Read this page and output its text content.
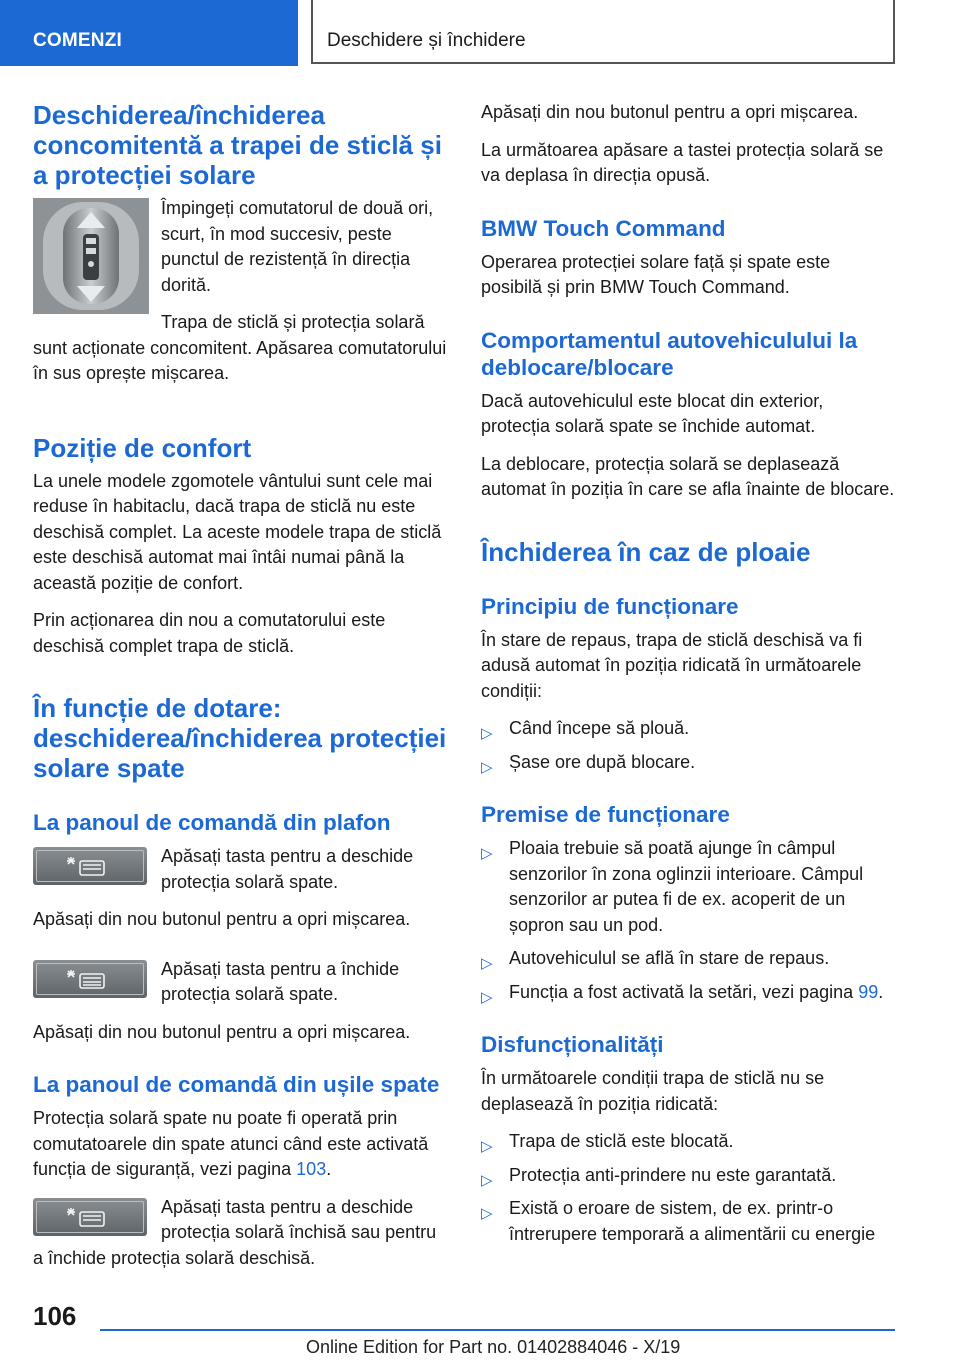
COMENZI	Deschidere și închidere
Deschiderea/închiderea concomitentă a trapei de sticlă și a protecției solare

Împingeți comutatorul de două ori, scurt, în mod succesiv, peste punctul de rezistență în direcția dorită.

Trapa de sticlă și protecția solară sunt acționate concomitent. Apăsarea comutatorului în sus oprește mișcarea.

Poziție de confort

La unele modele zgomotele vântului sunt cele mai reduse în habitaclu, dacă trapa de sticlă nu este deschisă complet. La aceste modele trapa de sticlă este deschisă automat mai întâi numai până la această poziție de confort.

Prin acționarea din nou a comutatorului este deschisă complet trapa de sticlă.

În funcție de dotare: deschiderea/închiderea protecției solare spate
La panoul de comandă din plafon

Apăsați tasta pentru a deschide protecția solară spate.

Apăsați din nou butonul pentru a opri mișcarea.

Apăsați tasta pentru a închide protecția solară spate.

Apăsați din nou butonul pentru a opri mișcarea.

La panoul de comandă din ușile spate

Protecția solară spate nu poate fi operată prin comutatoarele din spate atunci când este activată funcția de siguranță, vezi pagina 103.

Apăsați tasta pentru a deschide protecția solară închisă sau pentru a închide protecția solară deschisă.

Apăsați din nou butonul pentru a opri mișcarea.

La următoarea apăsare a tastei protecția solară se va deplasa în direcția opusă.

BMW Touch Command

Operarea protecției solare față și spate este posibilă și prin BMW Touch Command.

Comportamentul autovehiculului la deblocare/blocare

Dacă autovehiculul este blocat din exterior, protecția solară spate se închide automat.

La deblocare, protecția solară se deplasează automat în poziția în care se afla înainte de blocare.

Închiderea în caz de ploaie
Principiu de funcționare

În stare de repaus, trapa de sticlă deschisă va fi adusă automat în poziția ridicată în următoarele condiții:

▷ Când începe să plouă.
▷ Șase ore după blocare.
Premise de funcționare
▷ Ploaia trebuie să poată ajunge în câmpul senzorilor în zona oglinzii interioare. Câmpul senzorilor ar putea fi de ex. acoperit de un șopron sau un pod.
▷ Autovehiculul se află în stare de repaus.
▷ Funcția a fost activată la setări, vezi pagina 99.
Disfuncționalități

În următoarele condiții trapa de sticlă nu se deplasează în poziția ridicată:

▷ Trapa de sticlă este blocată.
▷ Protecția anti-prindere nu este garantată.
▷ Există o eroare de sistem, de ex. printr-o întrerupere temporară a alimentării cu energie
106
Online Edition for Part no. 01402884046 - X/19
